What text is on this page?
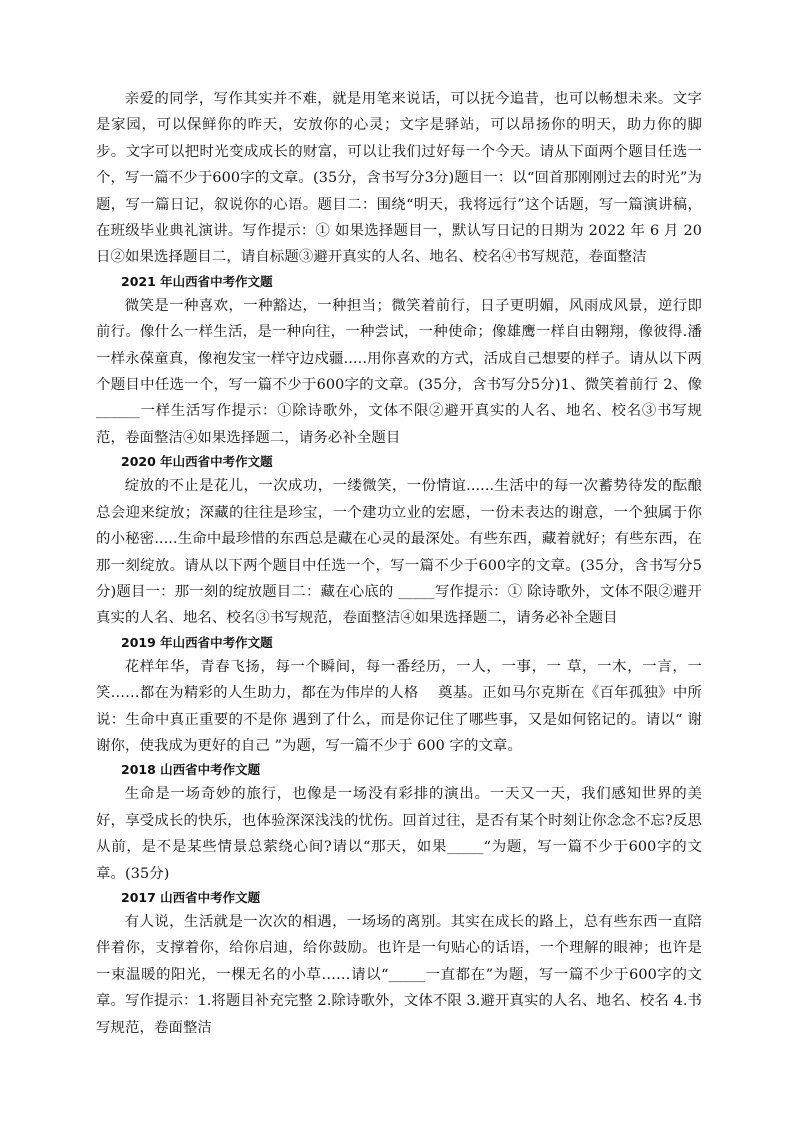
亲爱的同学，写作其实并不难，就是用笔来说话，可以抚今追昔，也可以畅想未来。文字是家园，可以保鲜你的昨天，安放你的心灵；文字是驿站，可以昂扬你的明天，助力你的脚步。文字可以把时光变成成长的财富，可以让我们过好每一个今天。请从下面两个题目任选一个，写一篇不少于600字的文章。(35分，含书写分3分)题目一：以“回首那刚刚过去的时光”为题，写一篇日记，叙说你的心语。题目二：围绕“明天，我将远行”这个话题，写一篇演讲稿，在班级毕业典礼演讲。写作提示：① 如果选择题目一，默认写日记的日期为 2022 年 6 月 20 日②如果选择题目二，请自标题③避开真实的人名、地名、校名④书写规范，卷面整洁

2021 年山西省中考作文题

微笑是一种喜欢，一种豁达，一种担当；微笑着前行，日子更明媚，风雨成风景，逆行即前行。像什么一样生活，是一种向往，一种尝试，一种使命；像雄鹰一样自由翱翔，像彼得.潘一样永葆童真，像袍发宝一样守边戍疆.....用你喜欢的方式，活成自己想要的样子。请从以下两个题目中任选一个，写一篇不少于600字的文章。(35分，含书写分5分)1、微笑着前行 2、像______一样生活写作提示：①除诗歌外，文体不限②避开真实的人名、地名、校名③书写规范，卷面整洁④如果选择题二，请务必补全题目

2020 年山西省中考作文题

绽放的不止是花儿，一次成功，一缕微笑，一份情谊......生活中的每一次蓄势待发的酝酿总会迎来绽放；深藏的往往是珍宝，一个建功立业的宏愿，一份未表达的谢意，一个独属于你的小秘密.....生命中最珍惜的东西总是藏在心灵的最深处。有些东西，藏着就好；有些东西，在那一刻绽放。请从以下两个题目中任选一个，写一篇不少于600字的文章。(35分，含书写分5分)题目一：那一刻的绽放题目二：藏在心底的 _____写作提示：① 除诗歌外，文体不限②避开真实的人名、地名、校名③书写规范，卷面整洁④如果选择题二，请务必补全题目

2019 年山西省中考作文题

花样年华，青春飞扬，每一个瞬间，每一番经历，一人，一事，一 草，一木，一言，一笑……都在为精彩的人生助力，都在为伟岸的人格　 奠基。正如马尔克斯在《百年孤独》中所说：生命中真正重要的不是你 遇到了什么，而是你记住了哪些事，又是如何铭记的。请以“ 谢谢你，使我成为更好的自己 ”为题，写一篇不少于 600 字的文章。

2018 山西省中考作文题

生命是一场奇妙的旅行，也像是一场没有彩排的演出。一天又一天，我们感知世界的美好，享受成长的快乐，也体验深深浅浅的忧伤。回首过往，是否有某个时刻让你念念不忘?反思从前，是不是某些情景总萦绕心间?请以“那天，如果_____“为题，写一篇不少于600字的文章。(35分)

2017 山西省中考作文题

有人说，生活就是一次次的相遇，一场场的离别。其实在成长的路上，总有些东西一直陪伴着你，支撑着你，给你启迪，给你鼓励。也许是一句贴心的话语，一个理解的眼神；也许是一束温暖的阳光，一棵无名的小草……请以“_____一直都在”为题，写一篇不少于600字的文章。写作提示：1.将题目补充完整 2.除诗歌外，文体不限 3.避开真实的人名、地名、校名 4.书写规范，卷面整洁
